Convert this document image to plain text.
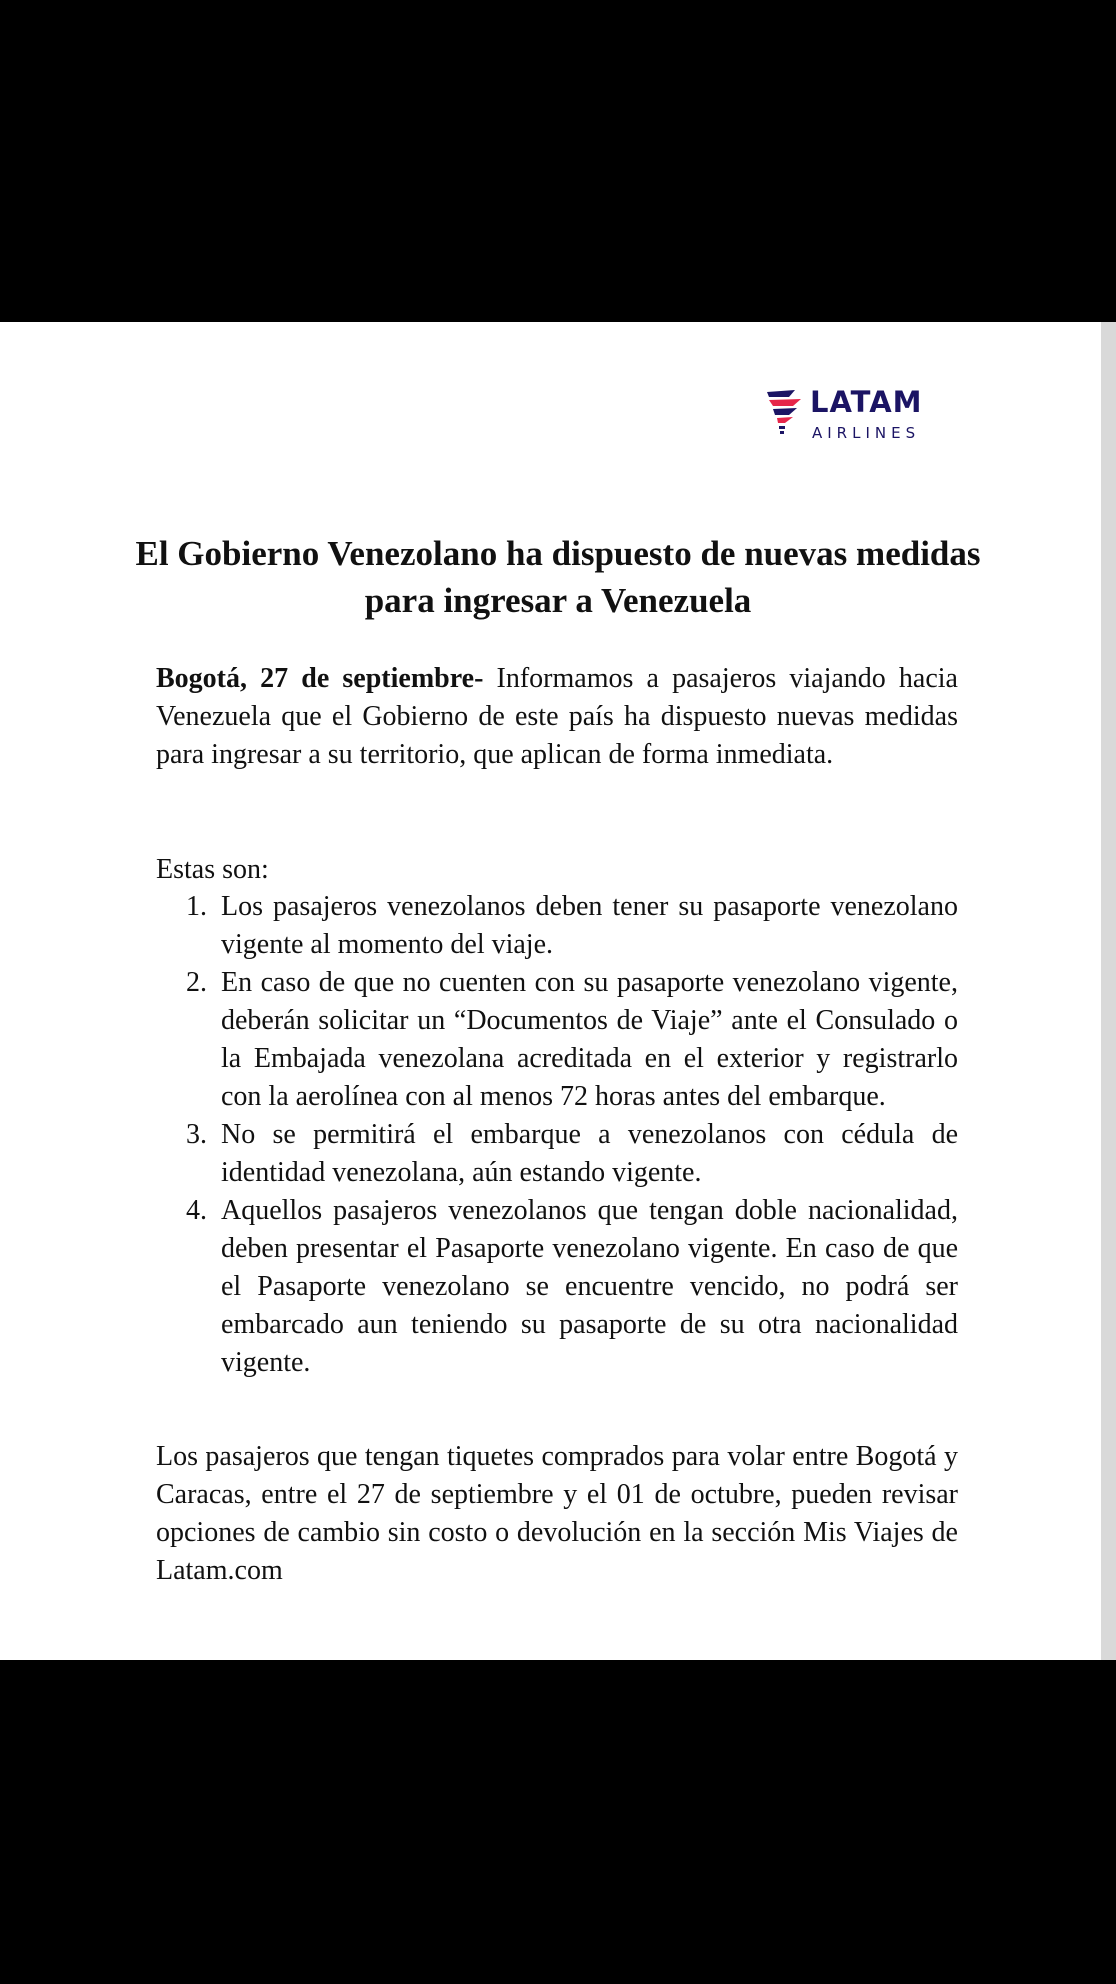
LATAM
AIRLINES
El Gobierno Venezolano ha dispuesto de nuevas medidas para ingresar a Venezuela

Bogotá, 27 de septiembre- Informamos a pasajeros viajando hacia Venezuela que el Gobierno de este país ha dispuesto nuevas medidas para ingresar a su territorio, que aplican de forma inmediata.

Estas son:

1. Los pasajeros venezolanos deben tener su pasaporte venezolano vigente al momento del viaje.
2. En caso de que no cuenten con su pasaporte venezolano vigente, deberán solicitar un “Documentos de Viaje” ante el Consulado o la Embajada venezolana acreditada en el exterior y registrarlo con la aerolínea con al menos 72 horas antes del embarque.
3. No se permitirá el embarque a venezolanos con cédula de identidad venezolana, aún estando vigente.
4. Aquellos pasajeros venezolanos que tengan doble nacionalidad, deben presentar el Pasaporte venezolano vigente. En caso de que el Pasaporte venezolano se encuentre vencido, no podrá ser embarcado aun teniendo su pasaporte de su otra nacionalidad vigente.

Los pasajeros que tengan tiquetes comprados para volar entre Bogotá y Caracas, entre el 27 de septiembre y el 01 de octubre, pueden revisar opciones de cambio sin costo o devolución en la sección Mis Viajes de Latam.com
